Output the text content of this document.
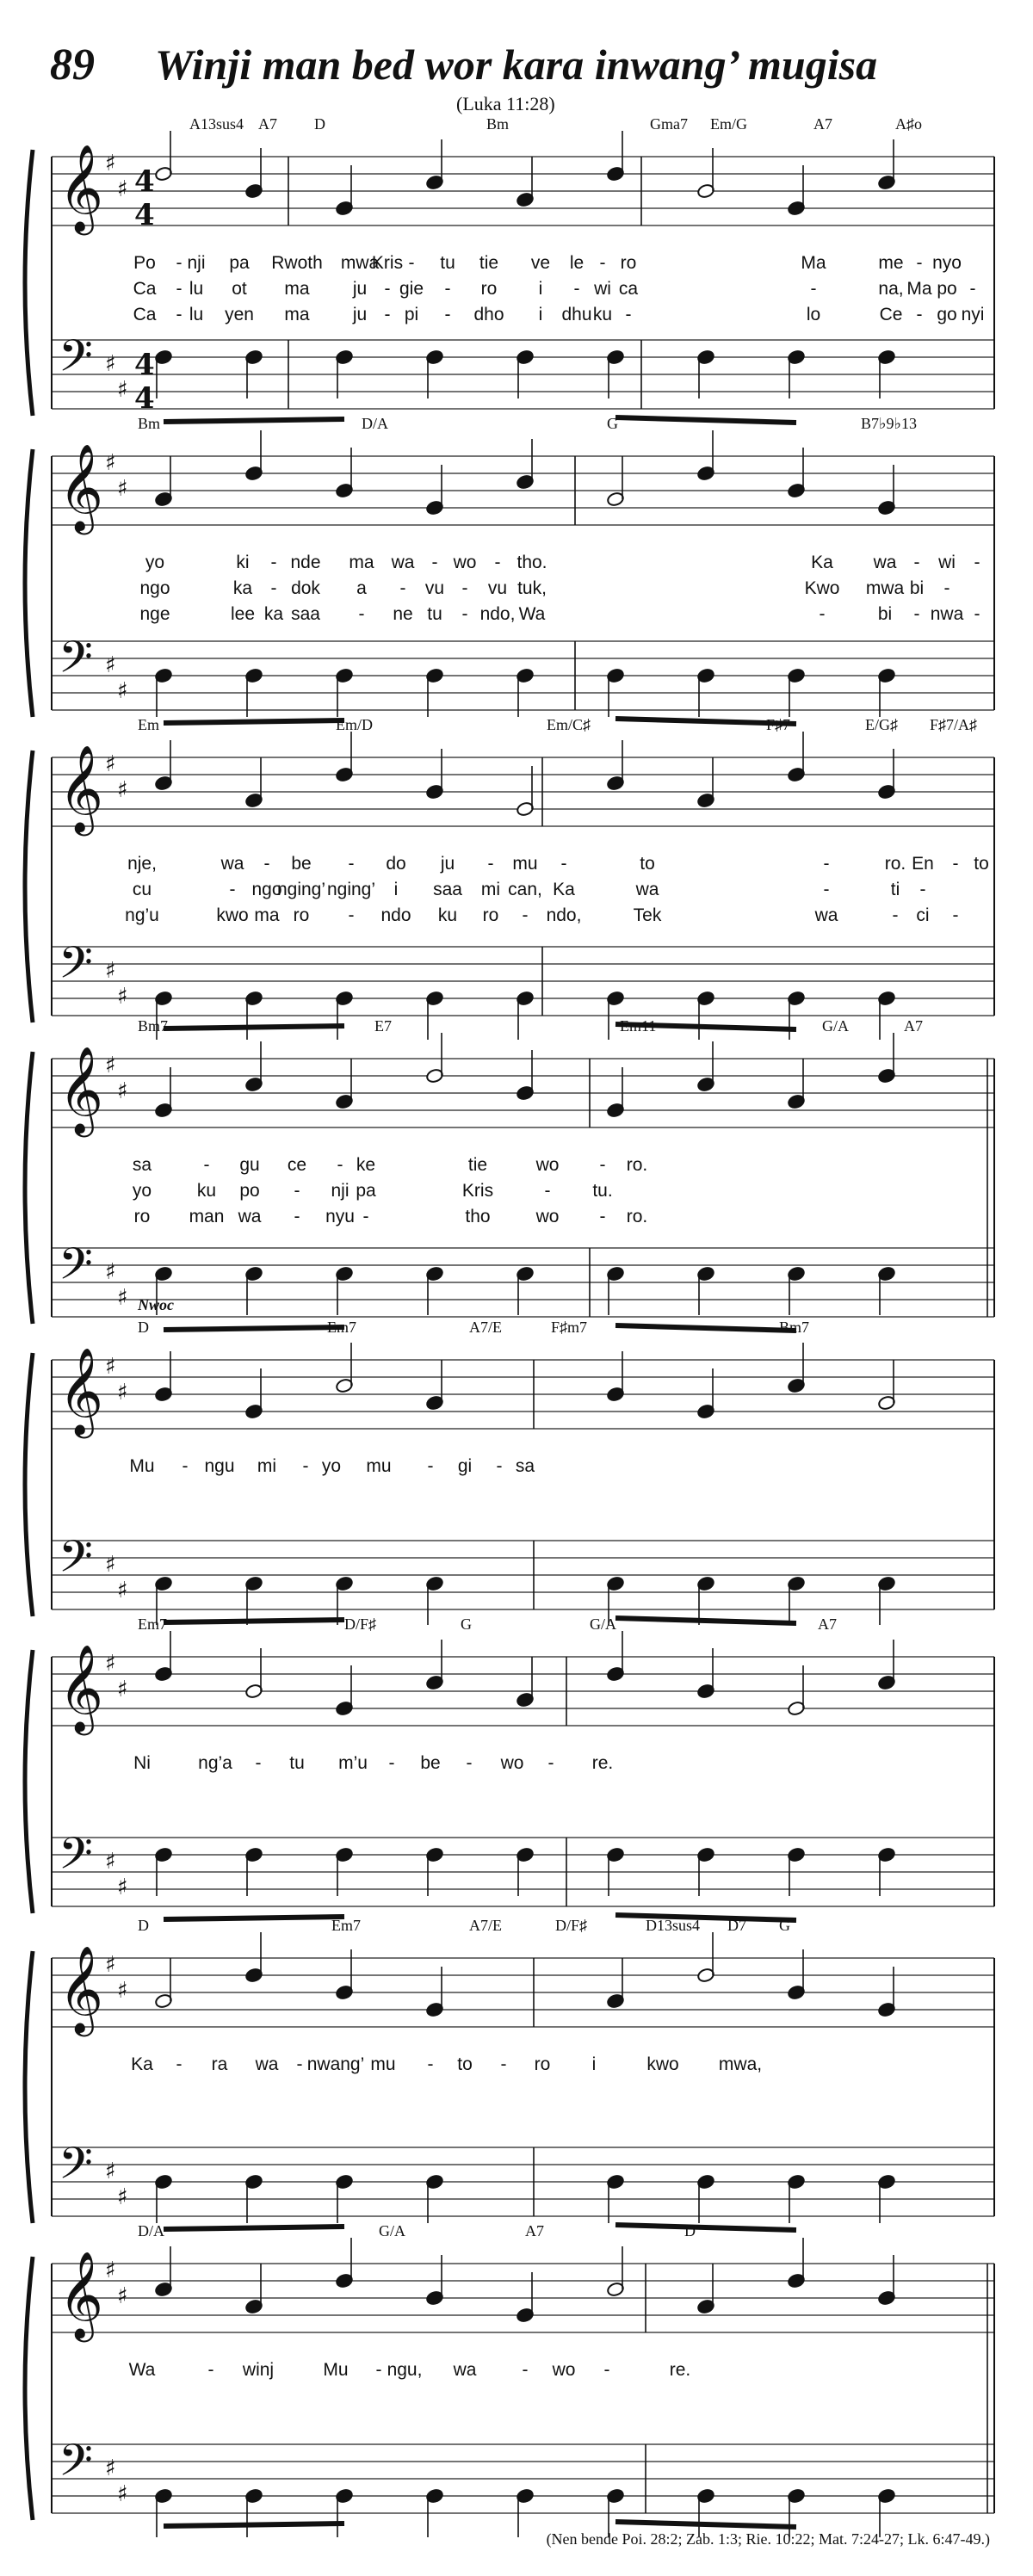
89 Winji man bed wor kara inwang’ mugisa
(Luka 11:28)
𝄞
𝄢
♯
♯
♯
♯
4
4
4
4
A13sus4 A7 D	Bm	Gma7 Em/G	A7	A♯o
Po - nji pa Rwoth mwa
Kris - tu tie ve le - ro	Ma	me - nyo
Ca - lu ot ma ju - gie - ro i - wi ca	-	na, Ma po -
Ca - lu yen ma ju - pi - dho i dhu ku -	lo	Ce - go nyi
𝄞
𝄢
♯
♯
♯
♯
Bm	D/A	G	B7♭9♭13
yo	ki - nde ma wa - wo - tho.	Ka wa - wi -
ngo	ka - dok a - vu - vu tuk,	Kwo mwa bi -
nge	lee ka saa - ne tu - ndo, Wa	-	bi - nwa -
𝄞
𝄢
♯
♯
♯
♯
Em	Em/D	Em/C♯	F♯7	E/G♯ F♯7/A♯
nje,	wa - be - do ju - mu -	to	-	ro. En - to
cu	- ngo
nging’ nging’ i saa mi can, Ka	wa	-	ti -
ng’u	kwo ma ro - ndo ku ro - ndo,	Tek	wa	- ci -
𝄞
𝄢
♯
♯
♯
♯
Bm7	E7	Em11	G/A	A7
sa	- gu ce - ke	tie	wo - ro.
yo	ku po - nji pa	Kris	- tu.
ro man wa - nyu -	tho	wo - ro.
𝄞
𝄢
♯
♯
♯
♯
Nwoc
D	Em7	A7/E	F♯m7	Bm7
Mu - ngu mi - yo mu - gi - sa
𝄞
𝄢
♯
♯
♯
♯
Em7	D/F♯	G	G/A	A7
Ni	ng’a - tu m’u - be - wo - re.
𝄞
𝄢
♯
♯
♯
♯
D	Em7	A7/E	D/F♯	D13sus4 D7 G
Ka - ra wa - nwang’ mu - to - ro i	kwo mwa,
𝄞
𝄢
♯
♯
♯
♯
D/A	G/A	A7	D
Wa	- winj	Mu - ngu, wa	- wo -	re.
(Nen bende Poi. 28:2; Zab. 1:3; Rie. 10:22; Mat. 7:24-27; Lk. 6:47-49.)
